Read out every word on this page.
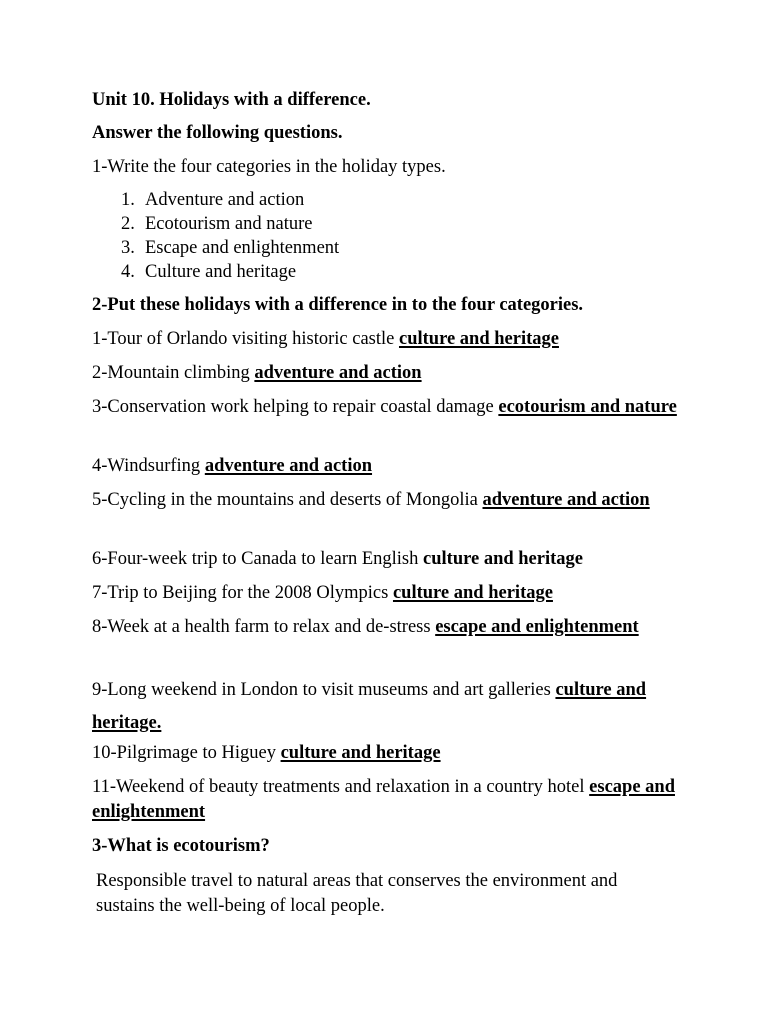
Unit 10. Holidays with a difference.
Answer the following questions.
1-Write the four categories in the holiday types.
1. Adventure and action
2. Ecotourism and nature
3. Escape and enlightenment
4. Culture and heritage
2-Put these holidays with a difference in to the four categories.
1-Tour of Orlando visiting historic castle culture and heritage
2-Mountain climbing adventure and action
3-Conservation work helping to repair coastal damage ecotourism and nature
4-Windsurfing adventure and action
5-Cycling in the mountains and deserts of Mongolia adventure and action
6-Four-week trip to Canada to learn English culture and heritage
7-Trip to Beijing for the 2008 Olympics culture and heritage
8-Week at a health farm to relax and de-stress escape and enlightenment
9-Long weekend in London to visit museums and art galleries culture and heritage.
10-Pilgrimage to Higuey culture and heritage
11-Weekend of beauty treatments and relaxation in a country hotel escape and enlightenment
3-What is ecotourism?
Responsible travel to natural areas that conserves the environment and sustains the well-being of local people.
